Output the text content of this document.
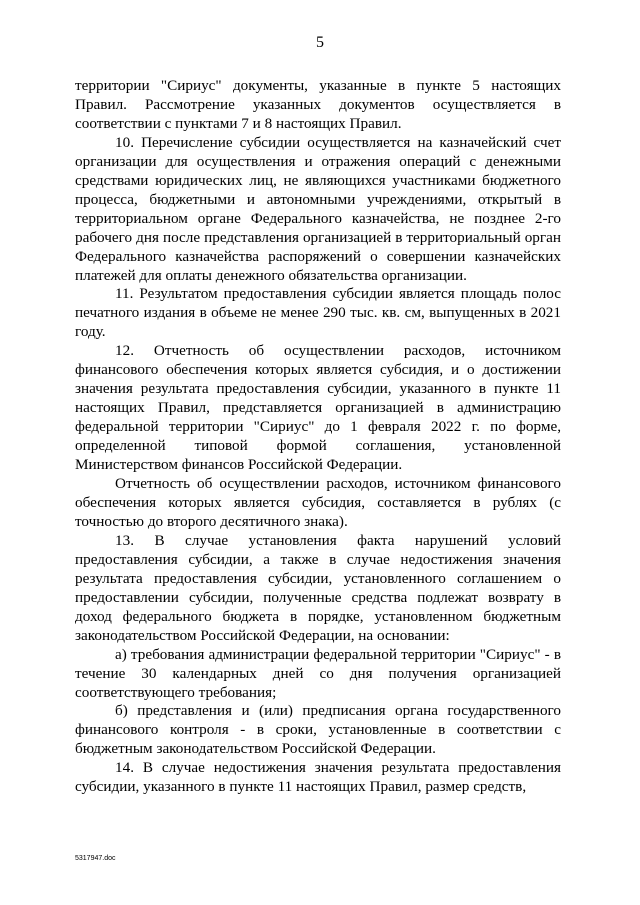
5

территории "Сириус" документы, указанные в пункте 5 настоящих Правил. Рассмотрение указанных документов осуществляется в соответствии с пунктами 7 и 8 настоящих Правил.

10. Перечисление субсидии осуществляется на казначейский счет организации для осуществления и отражения операций с денежными средствами юридических лиц, не являющихся участниками бюджетного процесса, бюджетными и автономными учреждениями, открытый в территориальном органе Федерального казначейства, не позднее 2-го рабочего дня после представления организацией в территориальный орган Федерального казначейства распоряжений о совершении казначейских платежей для оплаты денежного обязательства организации.

11. Результатом предоставления субсидии является площадь полос печатного издания в объеме не менее 290 тыс. кв. см, выпущенных в 2021 году.

12. Отчетность об осуществлении расходов, источником финансового обеспечения которых является субсидия, и о достижении значения результата предоставления субсидии, указанного в пункте 11 настоящих Правил, представляется организацией в администрацию федеральной территории "Сириус" до 1 февраля 2022 г. по форме, определенной типовой формой соглашения, установленной Министерством финансов Российской Федерации.

Отчетность об осуществлении расходов, источником финансового обеспечения которых является субсидия, составляется в рублях (с точностью до второго десятичного знака).

13. В случае установления факта нарушений условий предоставления субсидии, а также в случае недостижения значения результата предоставления субсидии, установленного соглашением о предоставлении субсидии, полученные средства подлежат возврату в доход федерального бюджета в порядке, установленном бюджетным законодательством Российской Федерации, на основании:

а) требования администрации федеральной территории "Сириус" - в течение 30 календарных дней со дня получения организацией соответствующего требования;

б) представления и (или) предписания органа государственного финансового контроля - в сроки, установленные в соответствии с бюджетным законодательством Российской Федерации.

14. В случае недостижения значения результата предоставления субсидии, указанного в пункте 11 настоящих Правил, размер средств,

5317947.doc
